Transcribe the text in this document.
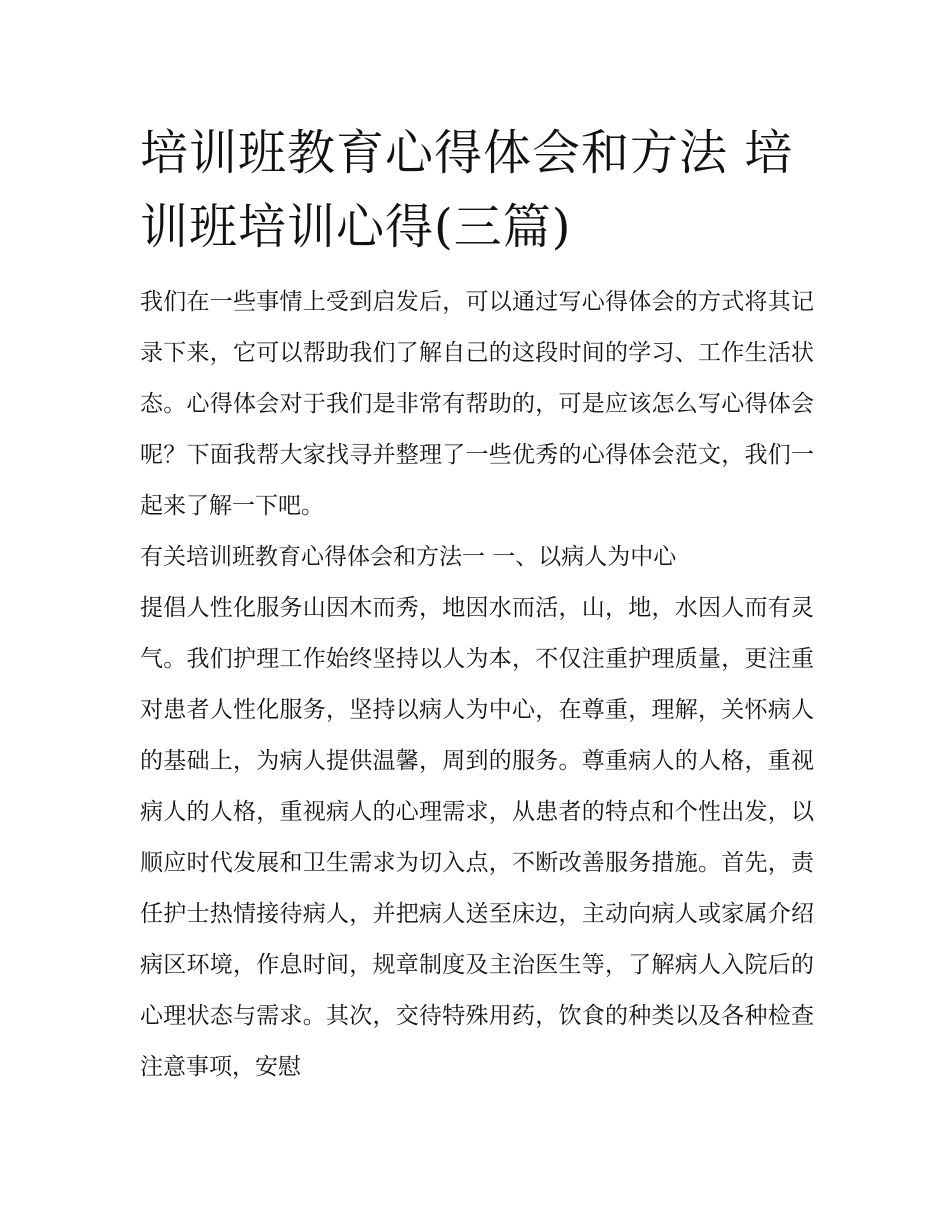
培训班教育心得体会和方法 培训班培训心得(三篇)

我们在一些事情上受到启发后，可以通过写心得体会的方式将其记录下来，它可以帮助我们了解自己的这段时间的学习、工作生活状态。心得体会对于我们是非常有帮助的，可是应该怎么写心得体会呢？下面我帮大家找寻并整理了一些优秀的心得体会范文，我们一起来了解一下吧。

有关培训班教育心得体会和方法一 一、以病人为中心

提倡人性化服务山因木而秀，地因水而活，山，地，水因人而有灵气。我们护理工作始终坚持以人为本，不仅注重护理质量，更注重对患者人性化服务，坚持以病人为中心，在尊重，理解，关怀病人的基础上，为病人提供温馨，周到的服务。尊重病人的人格，重视病人的人格，重视病人的心理需求，从患者的特点和个性出发，以顺应时代发展和卫生需求为切入点，不断改善服务措施。首先，责任护士热情接待病人，并把病人送至床边，主动向病人或家属介绍病区环境，作息时间，规章制度及主治医生等，了解病人入院后的心理状态与需求。其次，交待特殊用药，饮食的种类以及各种检查注意事项，安慰
